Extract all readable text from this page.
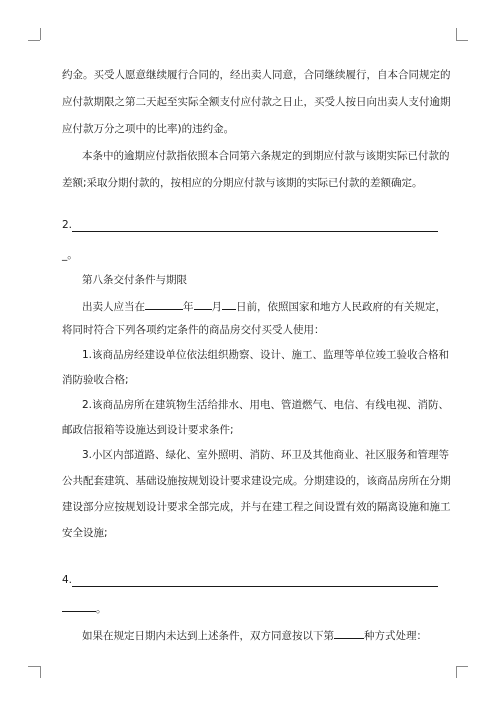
约金。买受人愿意继续履行合同的，经出卖人同意，合同继续履行，自本合同规定的
应付款期限之第二天起至实际全额支付应付款之日止，买受人按日向出卖人支付逾期
应付款万分之项中的比率)的违约金。
本条中的逾期应付款指依照本合同第六条规定的到期应付款与该期实际已付款的
差额;采取分期付款的，按相应的分期应付款与该期的实际已付款的差额确定。
2.
_。
第八条交付条件与期限
出卖人应当在	年 月 日前，依照国家和地方人民政府的有关规定，
将同时符合下列各项约定条件的商品房交付买受人使用：
1.该商品房经建设单位依法组织勘察、设计、施工、监理等单位竣工验收合格和
消防验收合格;
2.该商品房所在建筑物生活给排水、用电、管道燃气、电信、有线电视、消防、
邮政信报箱等设施达到设计要求条件;
3.小区内部道路、绿化、室外照明、消防、环卫及其他商业、社区服务和管理等
公共配套建筑、基础设施按规划设计要求建设完成。分期建设的，该商品房所在分期
建设部分应按规划设计要求全部完成，并与在建工程之间设置有效的隔离设施和施工
安全设施;
4.
。
如果在规定日期内未达到上述条件，双方同意按以下第	种方式处理：
